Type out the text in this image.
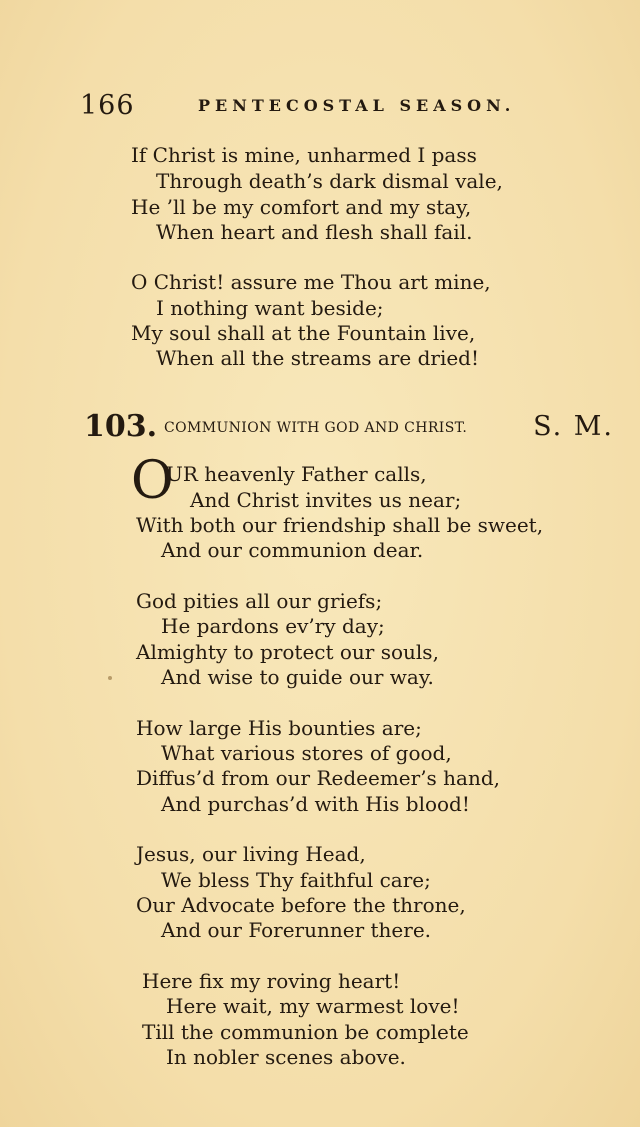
166	PENTECOSTAL SEASON.
If Christ is mine, unharmed I pass
Through death’s dark dismal vale,
He ’ll be my comfort and my stay,
When heart and flesh shall fail.
O Christ! assure me Thou art mine,
I nothing want beside;
My soul shall at the Fountain live,
When all the streams are dried!
103. COMMUNION WITH GOD AND CHRIST. S. M.
O
UR heavenly Father calls,
And Christ invites us near;
With both our friendship shall be sweet,
And our communion dear.
God pities all our griefs;
He pardons ev’ry day;
Almighty to protect our souls,
And wise to guide our way.
How large His bounties are;
What various stores of good,
Diffus’d from our Redeemer’s hand,
And purchas’d with His blood!
Jesus, our living Head,
We bless Thy faithful care;
Our Advocate before the throne,
And our Forerunner there.
Here fix my roving heart!
Here wait, my warmest love!
Till the communion be complete
In nobler scenes above.
